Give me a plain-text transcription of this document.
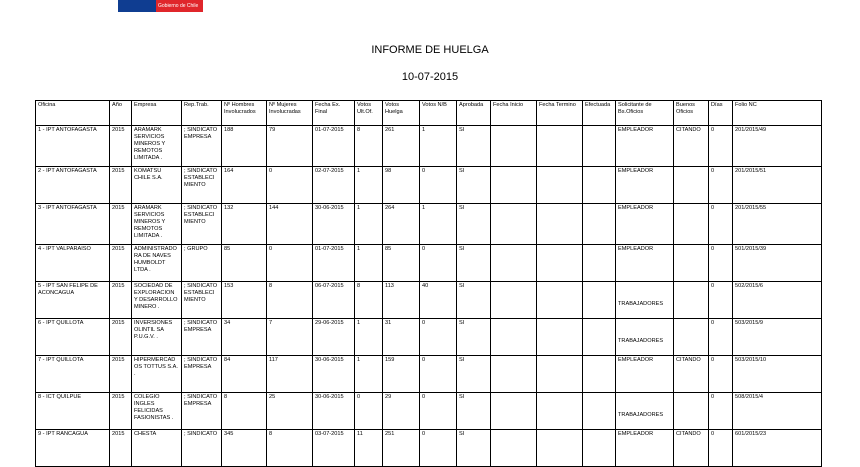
Gobierno de Chile
INFORME DE HUELGA
10-07-2015
Oficina	Año	Empresa	Rep.Trab.	Nº Hombres Involucrados	Nº Mujeres Involucradas	Fecha Ex. Final	Votos Ult.Of.	Votos Huelga	Votos N/B	Aprobada	Fecha Inicio	Fecha Termino	Efectuada	Solicitante de Bs.Oficios	Buenos Oficios	Días	Folio NC
1 - IPT ANTOFAGASTA	2015	ARAMARK SERVICIOS MINEROS Y REMOTOS LIMITADA .	; SINDICATO EMPRESA	188	79	01-07-2015	8	261	1	SI				EMPLEADOR	CITANDO	0	201/2015/49
2 - IPT ANTOFAGASTA	2015	KOMATSU CHILE S.A.	; SINDICATO ESTABLECIMIENTO	164	0	02-07-2015	1	98	0	SI				EMPLEADOR		0	201/2015/51
3 - IPT ANTOFAGASTA	2015	ARAMARK SERVICIOS MINEROS Y REMOTOS LIMITADA .	; SINDICATO ESTABLECIMIENTO	132	144	30-06-2015	1	264	1	SI				EMPLEADOR		0	201/2015/55
4 - IPT VALPARAISO	2015	ADMINISTRADORA DE NAVES HUMBOLDT LTDA .	; GRUPO	85	0	01-07-2015	1	85	0	SI				EMPLEADOR		0	501/2015/39
5 - IPT SAN FELIPE DE ACONCAGUA	2015	SOCIEDAD DE EXPLORACION Y DESARROLLO MINERO .	; SINDICATO ESTABLECIMIENTO	153	8	06-07-2015	8	113	40	SI				TRABAJADORES		0	502/2015/6
6 - IPT QUILLOTA	2015	INVERSIONES OLINTIL SA P.U.G.V. .	; SINDICATO EMPRESA	34	7	29-06-2015	1	31	0	SI				TRABAJADORES		0	503/2015/9
7 - IPT QUILLOTA	2015	HIPERMERCADOS TOTTUS S.A. .	; SINDICATO EMPRESA	84	117	30-06-2015	1	159	0	SI				EMPLEADOR	CITANDO	0	503/2015/10
8 - ICT QUILPUE	2015	COLEGIO INGLES FELICIDAS FASIONISTAS .	; SINDICATO EMPRESA	8	25	30-06-2015	0	29	0	SI				TRABAJADORES		0	508/2015/4
9 - IPT RANCAGUA	2015	CHESTA	; SINDICATO	345	8	03-07-2015	11	251	0	SI				EMPLEADOR	CITANDO	0	601/2015/23
